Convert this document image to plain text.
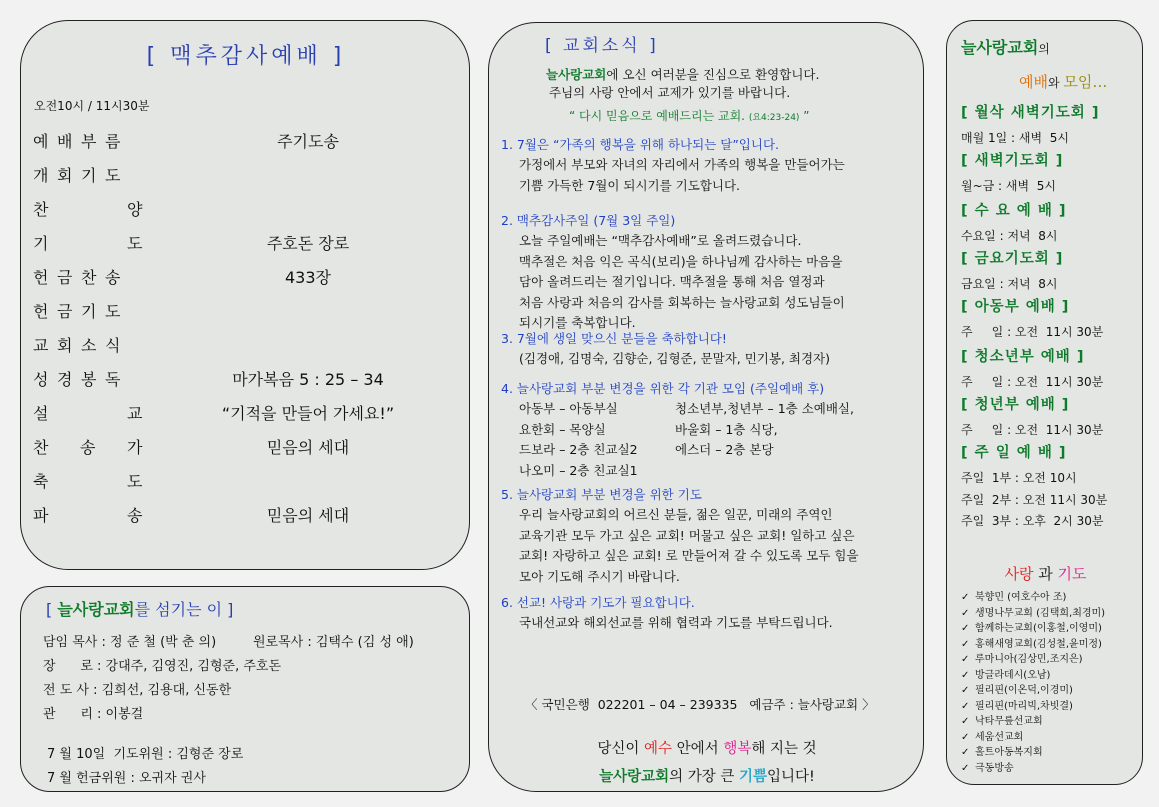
[ 맥추감사예배 ]
오전10시 / 11시30분
예 배 부 름	주기도송
개 회 기 도
찬	양
기	도	주호돈 장로
헌 금 찬 송	433장
헌 금 기 도
교 회 소 식
성 경 봉 독	마가복음 5 : 25 – 34
설	교	“기적을 만들어 가세요!”
찬 송 가	믿음의 세대
축	도
파	송	믿음의 세대
[ 늘사랑교회를 섬기는 이 ]
담임 목사 : 정 준 철 (박 춘 의)	원로목사 : 김택수 (김 성 애)
장      로 : 강대주, 김영진, 김형준, 주호돈
전 도 사 : 김희선, 김용대, 신동한
관      리 : 이봉걸
7 월 10일  기도위원 : 김형준 장로
7 월 헌금위원 : 오귀자 권사
[ 교회소식 ]
늘사랑교회에 오신 여러분을 진심으로 환영합니다.
주님의 사랑 안에서 교제가 있기를 바랍니다.
“ 다시 믿음으로 예배드리는 교회. (요4:23-24) ”
1. 7월은 “가족의 행복을 위해 하나되는 달”입니다.
가정에서 부모와 자녀의 자리에서 가족의 행복을 만들어가는
기쁨 가득한 7월이 되시기를 기도합니다.
2. 맥추감사주일 (7월 3일 주일)
오늘 주일예배는 “맥추감사예배”로 올려드렸습니다.
맥추절은 처음 익은 곡식(보리)을 하나님께 감사하는 마음을
담아 올려드리는 절기입니다. 맥추절을 통해 처음 열정과
처음 사랑과 처음의 감사를 회복하는 늘사랑교회 성도님들이
되시기를 축복합니다.
3. 7월에 생일 맞으신 분들을 축하합니다!
(김경애, 김명숙, 김향순, 김형준, 문말자, 민기봉, 최경자)
4. 늘사랑교회 부분 변경을 위한 각 기관 모임 (주일예배 후)
아동부 – 아동부실	청소년부,청년부 – 1층 소예배실,
요한회 – 목양실	바울회 – 1층 식당,
드보라 – 2층 친교실2	에스더 – 2층 본당
나오미 – 2층 친교실1
5. 늘사랑교회 부분 변경을 위한 기도
우리 늘사랑교회의 어르신 분들, 젊은 일꾼, 미래의 주역인
교육기관 모두 가고 싶은 교회! 머물고 싶은 교회! 일하고 싶은
교회! 자랑하고 싶은 교회! 로 만들어져 갈 수 있도록 모두 힘을
모아 기도해 주시기 바랍니다.
6. 선교! 사랑과 기도가 필요합니다.
국내선교와 해외선교를 위해 협력과 기도를 부탁드립니다.
〈 국민은행  022201 – 04 – 239335   예금주 : 늘사랑교회 〉
당신이 예수 안에서 행복해 지는 것
늘사랑교회의 가장 큰 기쁨입니다!
늘사랑교회의
예배와 모임…
[ 월삭 새벽기도회 ]
매월 1일 : 새벽  5시
[ 새벽기도회 ]
월~금 : 새벽  5시
[ 수 요 예 배 ]
수요일 : 저녁  8시
[ 금요기도회 ]
금요일 : 저녁  8시
[ 아동부 예배 ]
주     일 : 오전  11시 30분
[ 청소년부 예배 ]
주     일 : 오전  11시 30분
[ 청년부 예배 ]
주     일 : 오전  11시 30분
[ 주 일 예 배 ]
주일  1부 : 오전 10시
주일  2부 : 오전 11시 30분
주일  3부 : 오후  2시 30분
사랑 과 기도
✓ 북향민 (여호수아 조)
✓ 생명나무교회 (김택희,최경미)
✓ 함께하는교회(이홍철,이영미)
✓ 홍해새영교회(김성철,윤미정)
✓ 루마니아(김상민,조지은)
✓ 방글라데시(오남)
✓ 필리핀(이온덕,이경미)
✓ 필리핀(마리빅,차빗결)
✓ 낙타무릎선교회
✓ 세움선교회
✓ 홀트아동복지회
✓ 극동방송
